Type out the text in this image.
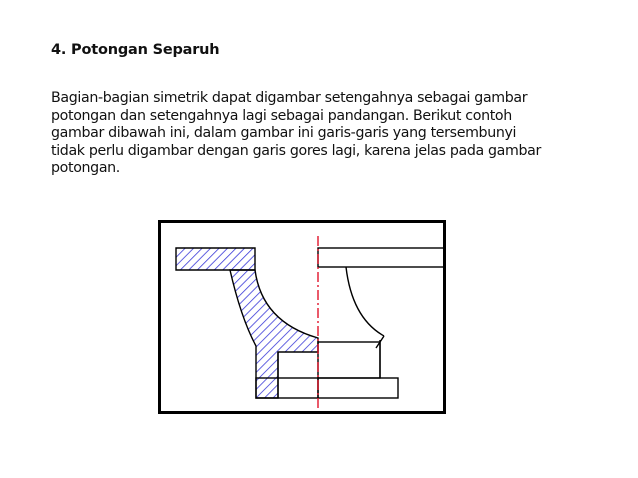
4. Potongan Separuh
Bagian-bagian simetrik dapat digambar setengahnya sebagai gambar
potongan dan setengahnya lagi sebagai pandangan. Berikut contoh
gambar dibawah ini, dalam gambar ini garis-garis yang tersembunyi
tidak perlu digambar dengan garis gores lagi, karena jelas pada gambar
potongan.
